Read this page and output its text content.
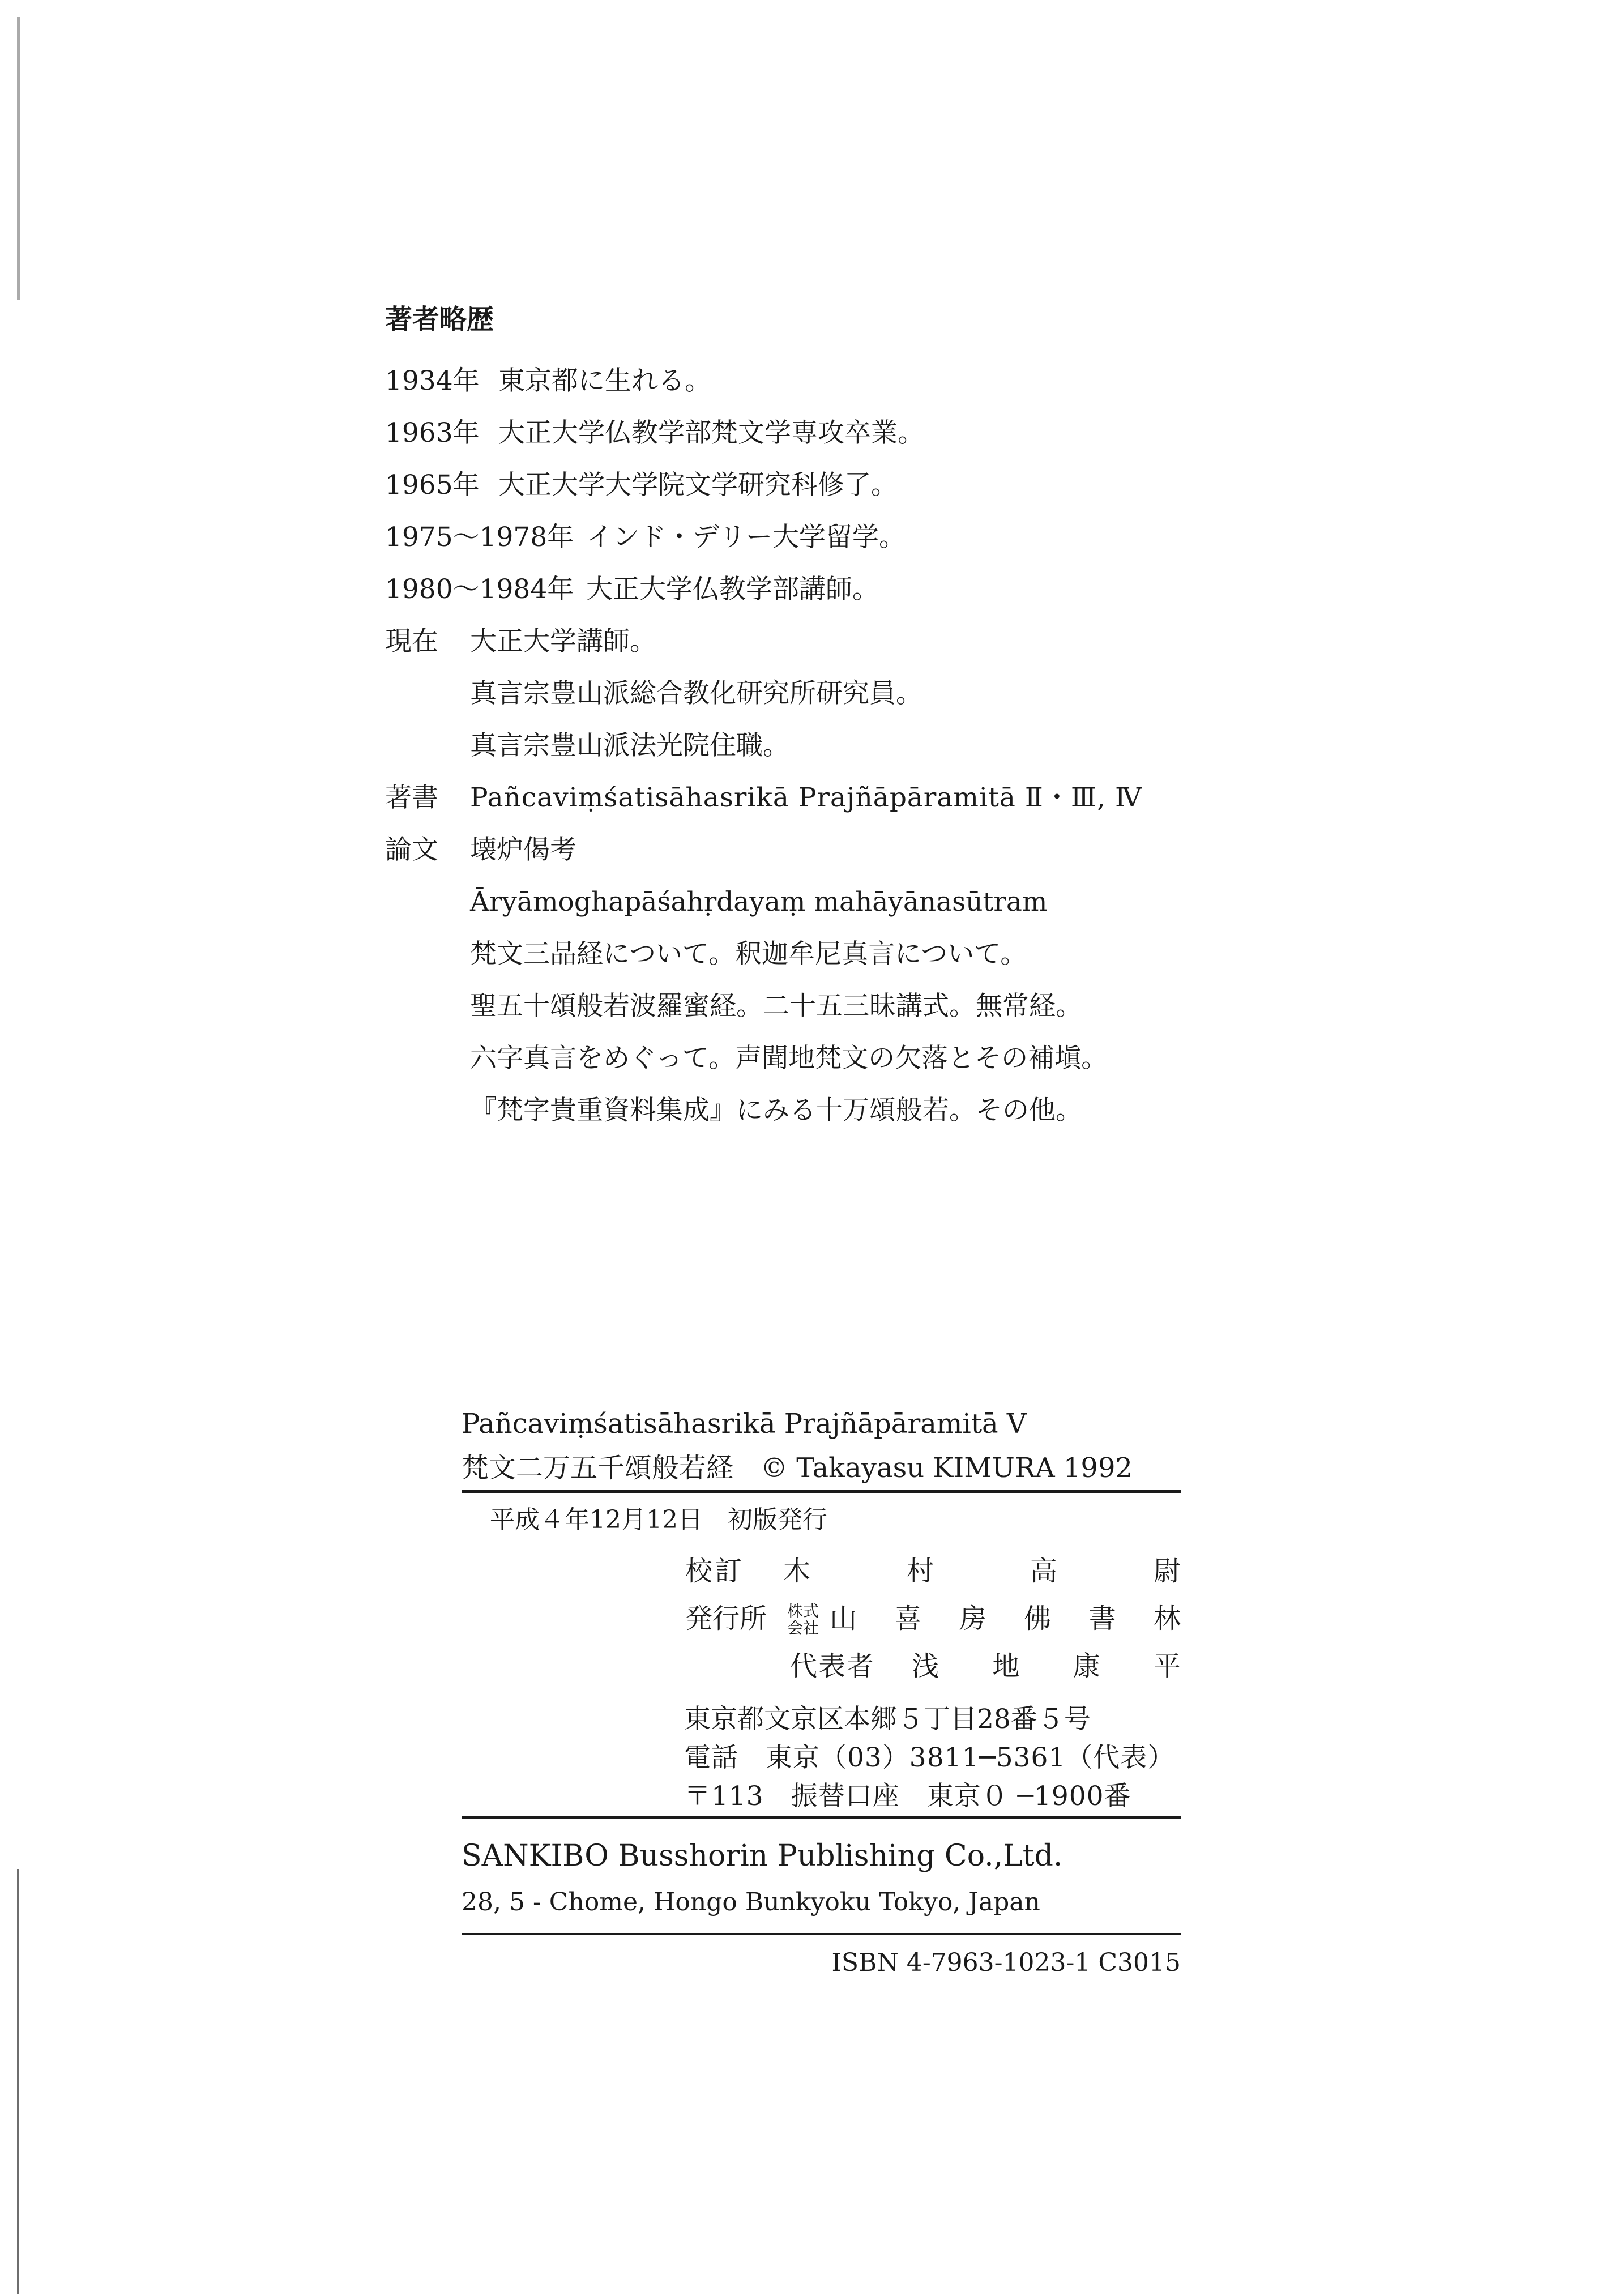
著者略歴
1934年 東京都に生れる。
1963年 大正大学仏教学部梵文学専攻卒業。
1965年 大正大学大学院文学研究科修了。
1975〜1978年 インド・デリー大学留学。
1980〜1984年 大正大学仏教学部講師。
現在 大正大学講師。
真言宗豊山派総合教化研究所研究員。
真言宗豊山派法光院住職。
著書 Pañcaviṃśatisāhasrikā Prajñāpāramitā Ⅱ・Ⅲ, Ⅳ
論文 壊炉偈考
Āryāmoghapāśahṛdayaṃ mahāyānasūtram
梵文三品経について。釈迦牟尼真言について。
聖五十頌般若波羅蜜経。二十五三昧講式。無常経。
六字真言をめぐって。声聞地梵文の欠落とその補塡。
『梵字貴重資料集成』にみる十万頌般若。その他。
Pañcaviṃśatisāhasrikā Prajñāpāramitā V
梵文二万五千頌般若経　© Takayasu KIMURA 1992
平成４年12月12日　初版発行
校訂 木	村	高	尉
発行所 株式会社 山 喜 房 佛 書 林
代表者 浅 地 康 平
東京都文京区本郷５丁目28番５号
電話　東京（03）3811─5361（代表）
〒113　振替口座　東京０ ─1900番
SANKIBO Busshorin Publishing Co.,Ltd.
28, 5 - Chome, Hongo Bunkyoku Tokyo, Japan
ISBN 4-7963-1023-1 C3015
